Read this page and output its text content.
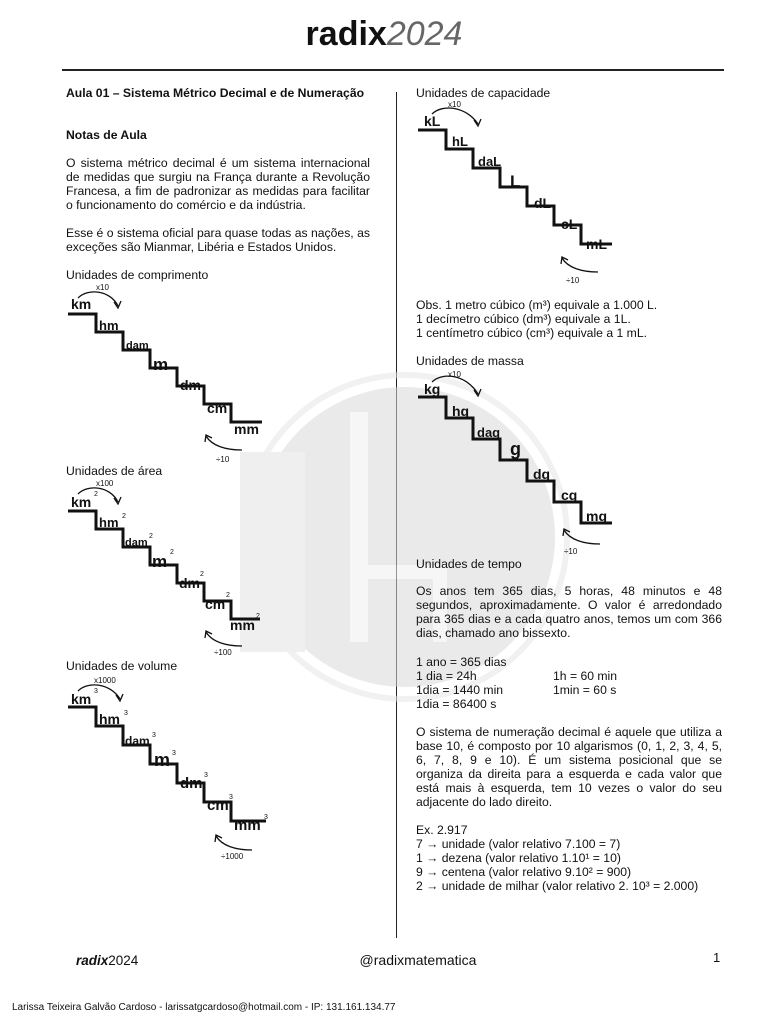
radix2024
Aula 01 – Sistema Métrico Decimal e de Numeração
Notas de Aula
O sistema métrico decimal é um sistema internacional de medidas que surgiu na França durante a Revolução Francesa, a fim de padronizar as medidas para facilitar o funcionamento do comércio e da indústria.
Esse é o sistema oficial para quase todas as nações, as exceções são Mianmar, Libéria e Estados Unidos.
Unidades de comprimento
km
hm
dam
m
dm
cm
mm
x10
÷10
Unidades de área
km 2
hm 2
dam
2
m 2
dm
2
cm
2
mm
2
x100
÷100
Unidades de volume
km 3
hm 3
dam 3
m 3
dm 3
cm 3
mm 3
x1000
÷1000
Unidades de capacidade
kL
hL
daL
L
dL
cL
mL
x10
÷10
Obs. 1 metro cúbico (m³) equivale a 1.000 L.
1 decímetro cúbico (dm³) equivale a 1L.
1 centímetro cúbico (cm³) equivale a 1 mL.
Unidades de massa
kg
hg
dag
g
dg
cg
mg
x10
÷10
Unidades de tempo
Os anos tem 365 dias, 5 horas, 48 minutos e 48 segundos, aproximadamente. O valor é arredondado para 365 dias e a cada quatro anos, temos um com 366 dias, chamado ano bissexto.
1 ano = 365 dias
1 dia = 24h
1dia = 1440 min
1dia = 86400 s
1h = 60 min
1min = 60 s
O sistema de numeração decimal é aquele que utiliza a base 10, é composto por 10 algarismos (0, 1, 2, 3, 4, 5, 6, 7, 8, 9 e 10). É um sistema posicional que se organiza da direita para a esquerda e cada valor que está mais à esquerda, tem 10 vezes o valor do seu adjacente do lado direito.
Ex. 2.917
7 → unidade (valor relativo 7.100 = 7)
1 → dezena (valor relativo 1.10¹ = 10)
9 → centena (valor relativo 9.10² = 900)
2 → unidade de milhar (valor relativo 2. 10³ = 2.000)
radix2024	@radixmatematica	1
Larissa Teixeira Galvão Cardoso - larissatgcardoso@hotmail.com - IP: 131.161.134.77
